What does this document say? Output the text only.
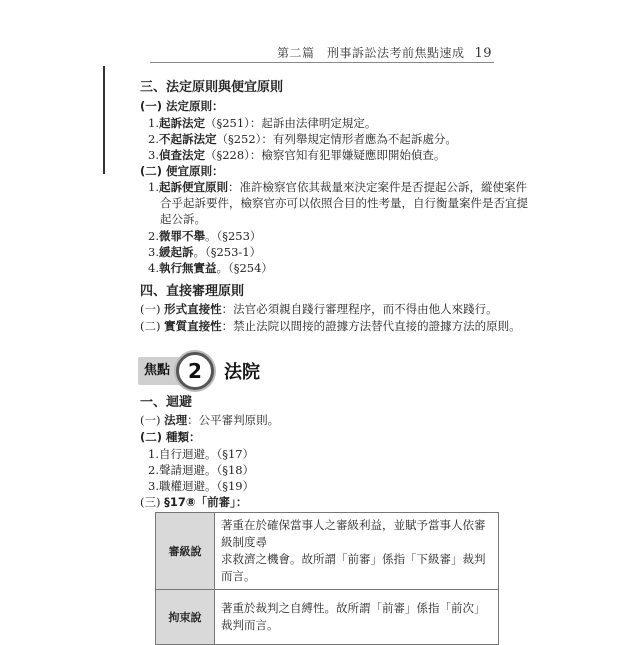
第二篇　刑事訴訟法考前焦點速成 19
三、法定原則與便宜原則
(一) 法定原則：
1.起訴法定（§251）：起訴由法律明定規定。
2.不起訴法定（§252）：有列舉規定情形者應為不起訴處分。
3.偵查法定（§228）：檢察官知有犯罪嫌疑應即開始偵查。
(二) 便宜原則：
1.起訴便宜原則：准許檢察官依其裁量來決定案件是否提起公訴，縱使案件
合乎起訴要件，檢察官亦可以依照合目的性考量，自行衡量案件是否宜提
起公訴。
2.微罪不舉。（§253）
3.緩起訴。（§253-1）
4.執行無實益。（§254）
四、直接審理原則
(一) 形式直接性：法官必須親自踐行審理程序，而不得由他人來踐行。
(二) 實質直接性：禁止法院以間接的證據方法替代直接的證據方法的原則。
焦點 2	法院
一、迴避
(一) 法理：公平審判原則。
(二) 種類：
1.自行迴避。（§17）
2.聲請迴避。（§18）
3.職權迴避。（§19）
(三) §17⑧「前審」：
審級說	著重在於確保當事人之審級利益，並賦予當事人依審級制度尋
求救濟之機會。故所謂「前審」係指「下級審」裁判而言。

拘束說	著重於裁判之自縛性。故所謂「前審」係指「前次」裁判而言。
